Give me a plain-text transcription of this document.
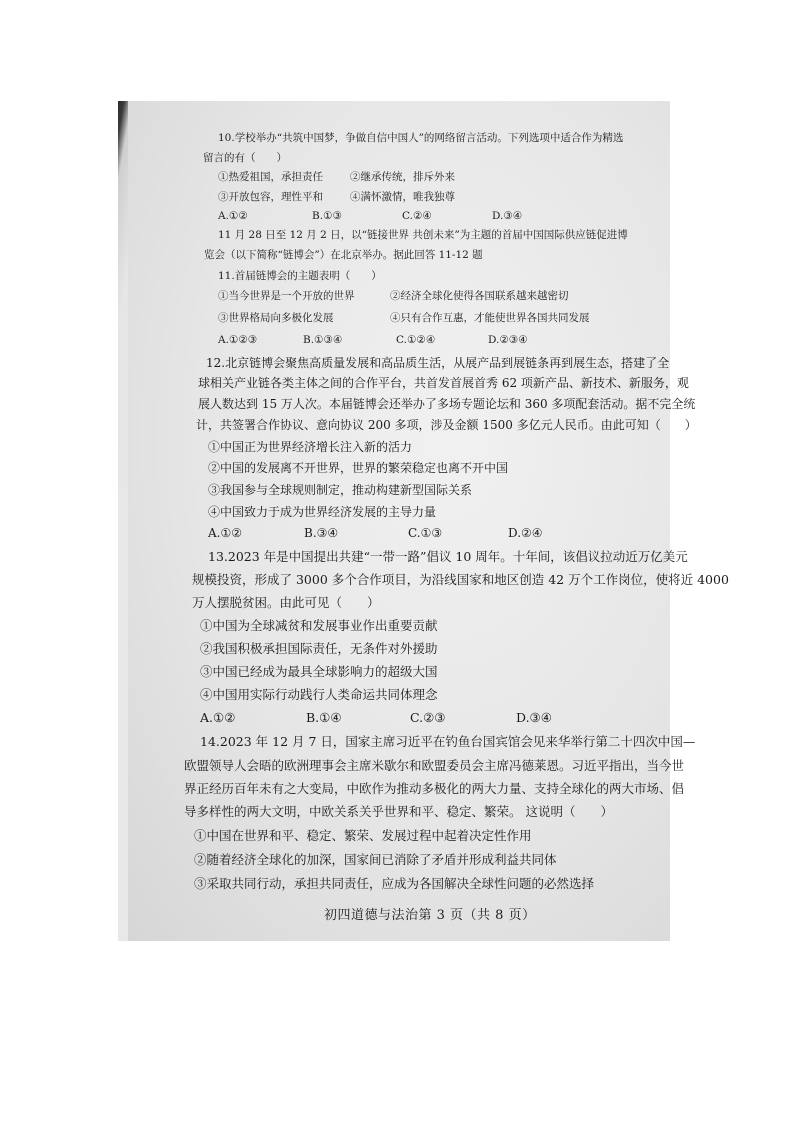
10.学校举办“共筑中国梦，争做自信中国人”的网络留言活动。下列选项中适合作为精选
留言的有（　　）
①热爱祖国，承担责任	②继承传统，排斥外来
③开放包容，理性平和	④满怀激情，唯我独尊
A.①②	B.①③	C.②④	D.③④
11 月 28 日至 12 月 2 日，以“链接世界 共创未来”为主题的首届中国国际供应链促进博
览会（以下简称“链博会”）在北京举办。据此回答 11-12 题
11.首届链博会的主题表明（　　）
①当今世界是一个开放的世界	②经济全球化使得各国联系越来越密切
③世界格局向多极化发展	④只有合作互惠，才能使世界各国共同发展
A.①②③	B.①③④	C.①②④	D.②③④
12.北京链博会聚焦高质量发展和高品质生活，从展产品到展链条再到展生态，搭建了全
球相关产业链各类主体之间的合作平台，共首发首展首秀 62 项新产品、新技术、新服务，观
展人数达到 15 万人次。本届链博会还举办了多场专题论坛和 360 多项配套活动。据不完全统
计，共签署合作协议、意向协议 200 多项，涉及金额 1500 多亿元人民币。由此可知（　　）
①中国正为世界经济增长注入新的活力
②中国的发展离不开世界，世界的繁荣稳定也离不开中国
③我国参与全球规则制定，推动构建新型国际关系
④中国致力于成为世界经济发展的主导力量
A.①②	B.③④	C.①③	D.②④
13.2023 年是中国提出共建“一带一路”倡议 10 周年。十年间，该倡议拉动近万亿美元
规模投资，形成了 3000 多个合作项目，为沿线国家和地区创造 42 万个工作岗位，使将近 4000
万人摆脱贫困。由此可见（　　）
①中国为全球减贫和发展事业作出重要贡献
②我国积极承担国际责任，无条件对外援助
③中国已经成为最具全球影响力的超级大国
④中国用实际行动践行人类命运共同体理念
A.①②	B.①④	C.②③	D.③④
14.2023 年 12 月 7 日，国家主席习近平在钓鱼台国宾馆会见来华举行第二十四次中国—
欧盟领导人会晤的欧洲理事会主席米歇尔和欧盟委员会主席冯德莱恩。习近平指出，当今世
界正经历百年未有之大变局，中欧作为推动多极化的两大力量、支持全球化的两大市场、倡
导多样性的两大文明，中欧关系关乎世界和平、稳定、繁荣。 这说明（　　）
①中国在世界和平、稳定、繁荣、发展过程中起着决定性作用
②随着经济全球化的加深，国家间已消除了矛盾并形成利益共同体
③采取共同行动，承担共同责任，应成为各国解决全球性问题的必然选择
初四道德与法治第 3 页（共 8 页）
